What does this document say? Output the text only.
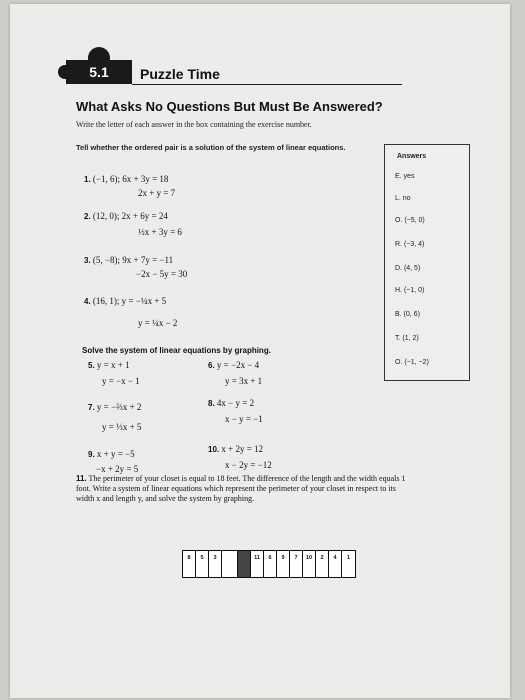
5.1	Puzzle Time
What Asks No Questions But Must Be Answered?
Write the letter of each answer in the box containing the exercise number.
Tell whether the ordered pair is a solution of the system of linear equations.
1. (−1, 6); 6x + 3y = 18
2x + y = 7
2. (12, 0); 2x + 6y = 24
½x + 3y = 6
3. (5, −8); 9x + 7y = −11
−2x − 5y = 30
4. (16, 1); y = −¼x + 5
y = ¼x − 2
Answers
E. yes
L. no
O. (−5, 0)
R. (−3, 4)
D. (4, 5)
H. (−1, 0)
B. (0, 6)
T. (1, 2)
O. (−1, −2)
Solve the system of linear equations by graphing.
5. y = x + 1
y = −x − 1
6. y = −2x − 4
y = 3x + 1
7. y = −⅔x + 2
y = ⅓x + 5
8. 4x − y = 2
x − y = −1
9. x + y = −5
−x + 2y = 5
10. x + 2y = 12
x − 2y = −12
11. The perimeter of your closet is equal to 18 feet. The difference of the length and the width equals 1 foot. Write a system of linear equations which represent the perimeter of your closet in respect to its width x and length y, and solve the system by graphing.
8	5	3	11	6	9	7	10	2	4	1
